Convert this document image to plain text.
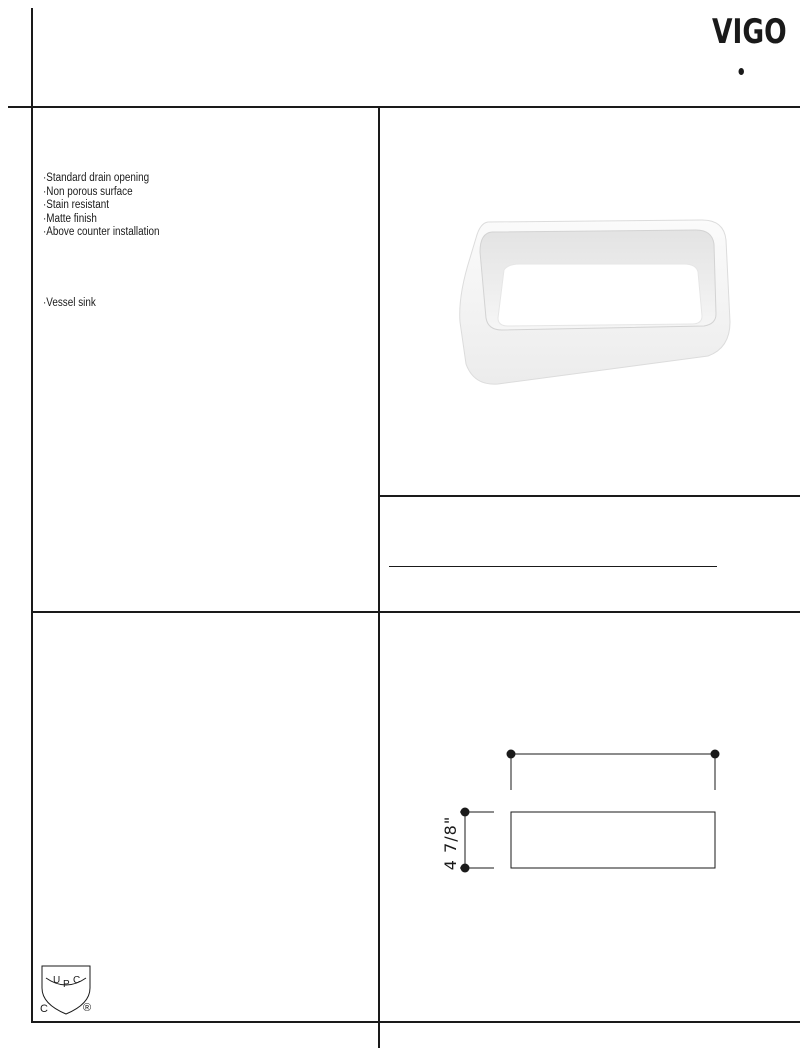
VIGO
· Standard drain opening
· Non porous surface
· Stain resistant
· Matte finish
· Above counter installation
· Vessel sink
4 7/8"
U P C
C	®
